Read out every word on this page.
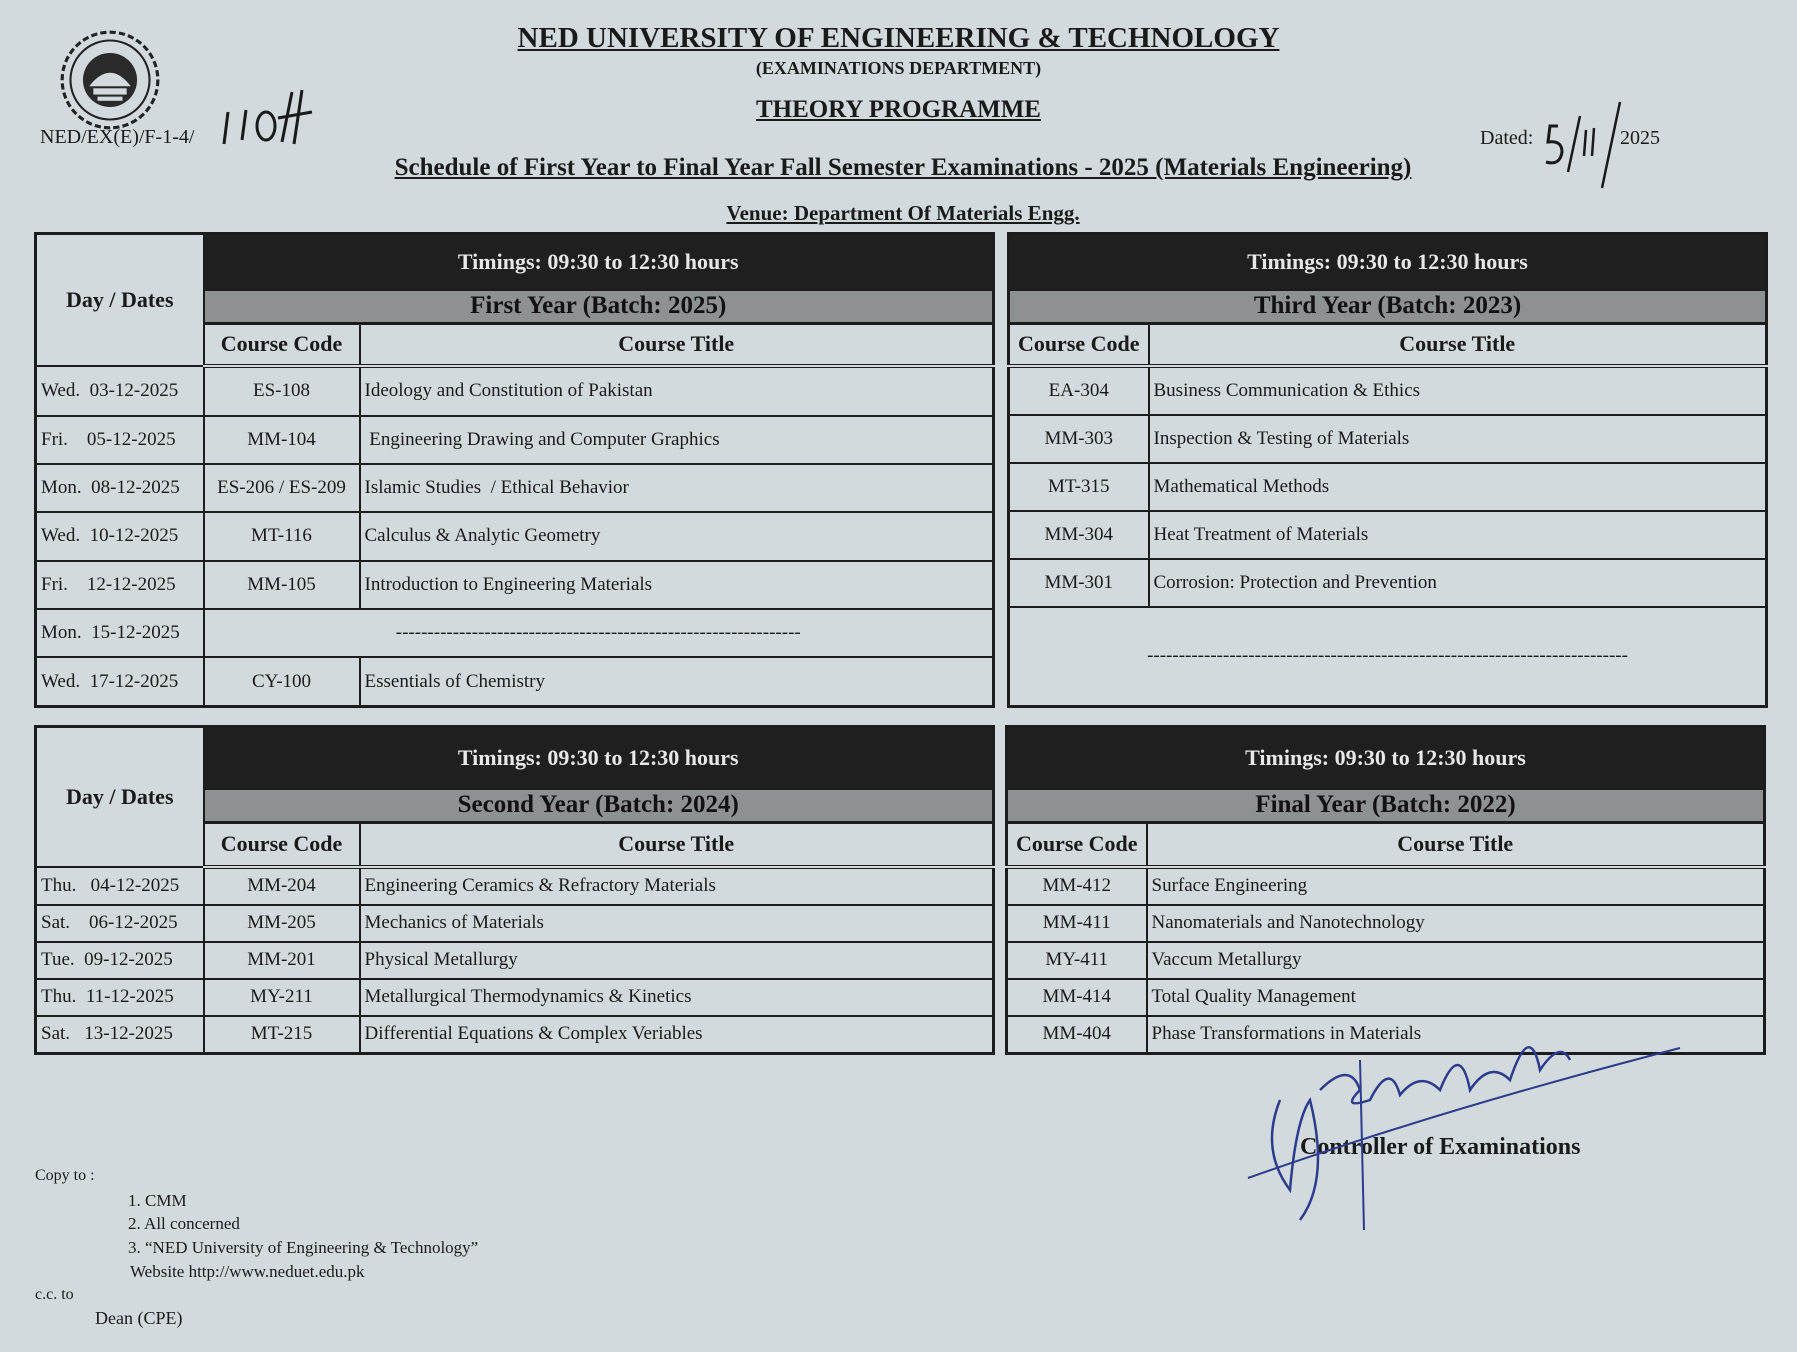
NED UNIVERSITY OF ENGINEERING & TECHNOLOGY
(EXAMINATIONS DEPARTMENT)
THEORY PROGRAMME
NED/EX(E)/F-1-4/	Dated:	2025
Schedule of First Year to Final Year Fall Semester Examinations - 2025 (Materials Engineering)
Venue: Department Of Materials Engg.
Day / Dates	Timings: 09:30 to 12:30 hours	
	First Year (Batch: 2025)	
	Course Code	Course Title
Wed.  03-12-2025	ES-108	Ideology and Constitution of Pakistan
Fri.    05-12-2025	MM-104	Engineering Drawing and Computer Graphics
Mon.  08-12-2025	ES-206 / ES-209	Islamic Studies  / Ethical Behavior
Wed.  10-12-2025	MT-116	Calculus & Analytic Geometry
Fri.    12-12-2025	MM-105	Introduction to Engineering Materials
Mon.  15-12-2025	----------------------------------------------------------------	
Wed.  17-12-2025	CY-100	Essentials of Chemistry
Timings: 09:30 to 12:30 hours	
Third Year (Batch: 2023)	
Course Code	Course Title
EA-304	Business Communication & Ethics
MM-303	Inspection & Testing of Materials
MT-315	Mathematical Methods
MM-304	Heat Treatment of Materials
MM-301	Corrosion: Protection and Prevention
----------------------------------------------------------------------------	
Day / Dates	Timings: 09:30 to 12:30 hours	
	Second Year (Batch: 2024)	
	Course Code	Course Title
Thu.   04-12-2025	MM-204	Engineering Ceramics & Refractory Materials
Sat.    06-12-2025	MM-205	Mechanics of Materials
Tue.  09-12-2025	MM-201	Physical Metallurgy
Thu.  11-12-2025	MY-211	Metallurgical Thermodynamics & Kinetics
Sat.   13-12-2025	MT-215	Differential Equations & Complex Veriables
Timings: 09:30 to 12:30 hours	
Final Year (Batch: 2022)	
Course Code	Course Title
MM-412	Surface Engineering
MM-411	Nanomaterials and Nanotechnology
MY-411	Vaccum Metallurgy
MM-414	Total Quality Management
MM-404	Phase Transformations in Materials
Controller of Examinations
Copy to :
1. CMM
2. All concerned
3. “NED University of Engineering & Technology”
Website http://www.neduet.edu.pk
c.c. to
Dean (CPE)
